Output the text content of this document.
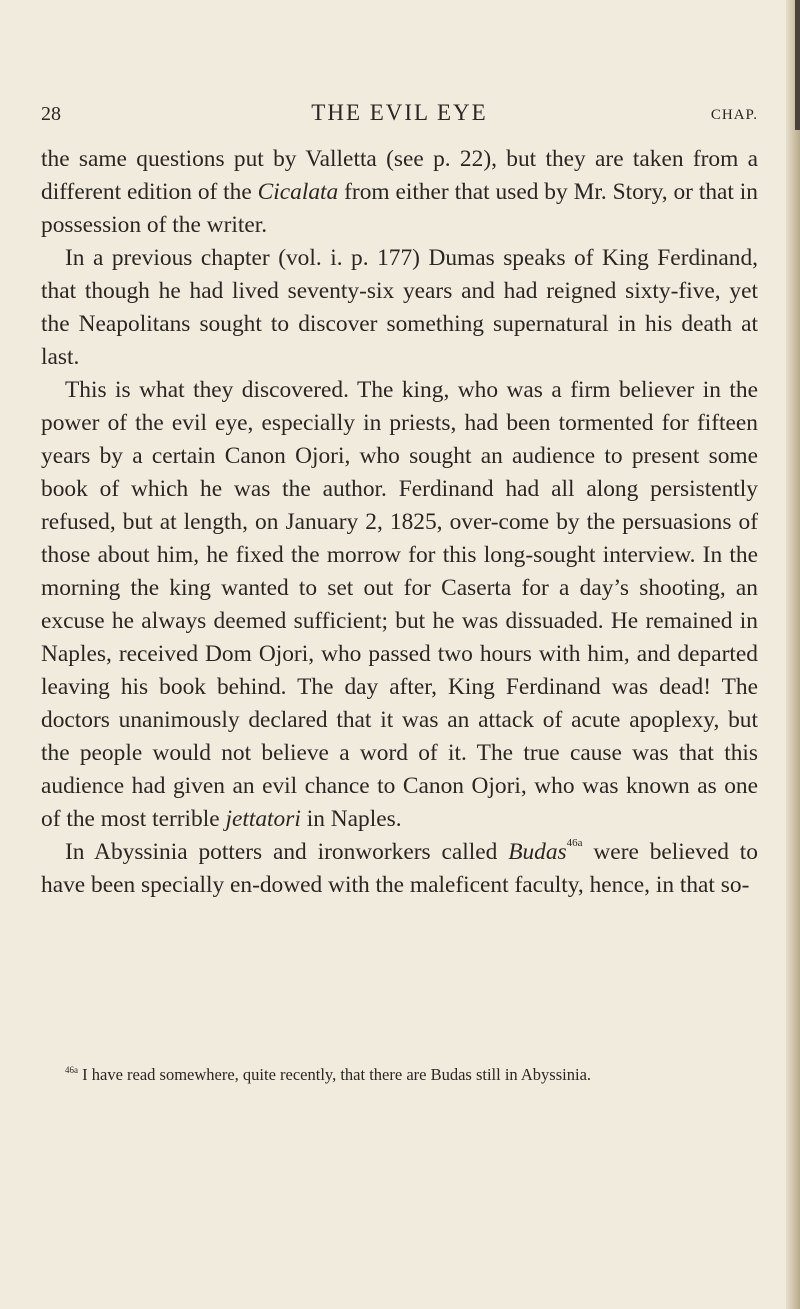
28	THE EVIL EYE	CHAP.

the same questions put by Valletta (see p. 22), but they are taken from a different edition of the Cicalata from either that used by Mr. Story, or that in possession of the writer.

In a previous chapter (vol. i. p. 177) Dumas speaks of King Ferdinand, that though he had lived seventy-six years and had reigned sixty-five, yet the Neapolitans sought to discover something supernatural in his death at last.

This is what they discovered. The king, who was a firm believer in the power of the evil eye, especially in priests, had been tormented for fifteen years by a certain Canon Ojori, who sought an audience to present some book of which he was the author. Ferdinand had all along persistently refused, but at length, on January 2, 1825, over-come by the persuasions of those about him, he fixed the morrow for this long-sought interview. In the morning the king wanted to set out for Caserta for a day’s shooting, an excuse he always deemed sufficient; but he was dissuaded. He remained in Naples, received Dom Ojori, who passed two hours with him, and departed leaving his book behind. The day after, King Ferdinand was dead! The doctors unanimously declared that it was an attack of acute apoplexy, but the people would not believe a word of it. The true cause was that this audience had given an evil chance to Canon Ojori, who was known as one of the most terrible jettatori in Naples.

In Abyssinia potters and ironworkers called Budas$^{46a}$ were believed to have been specially en-dowed with the maleficent faculty, hence, in that so-

$^{46a}$ I have read somewhere, quite recently, that there are Budas still in Abyssinia.
